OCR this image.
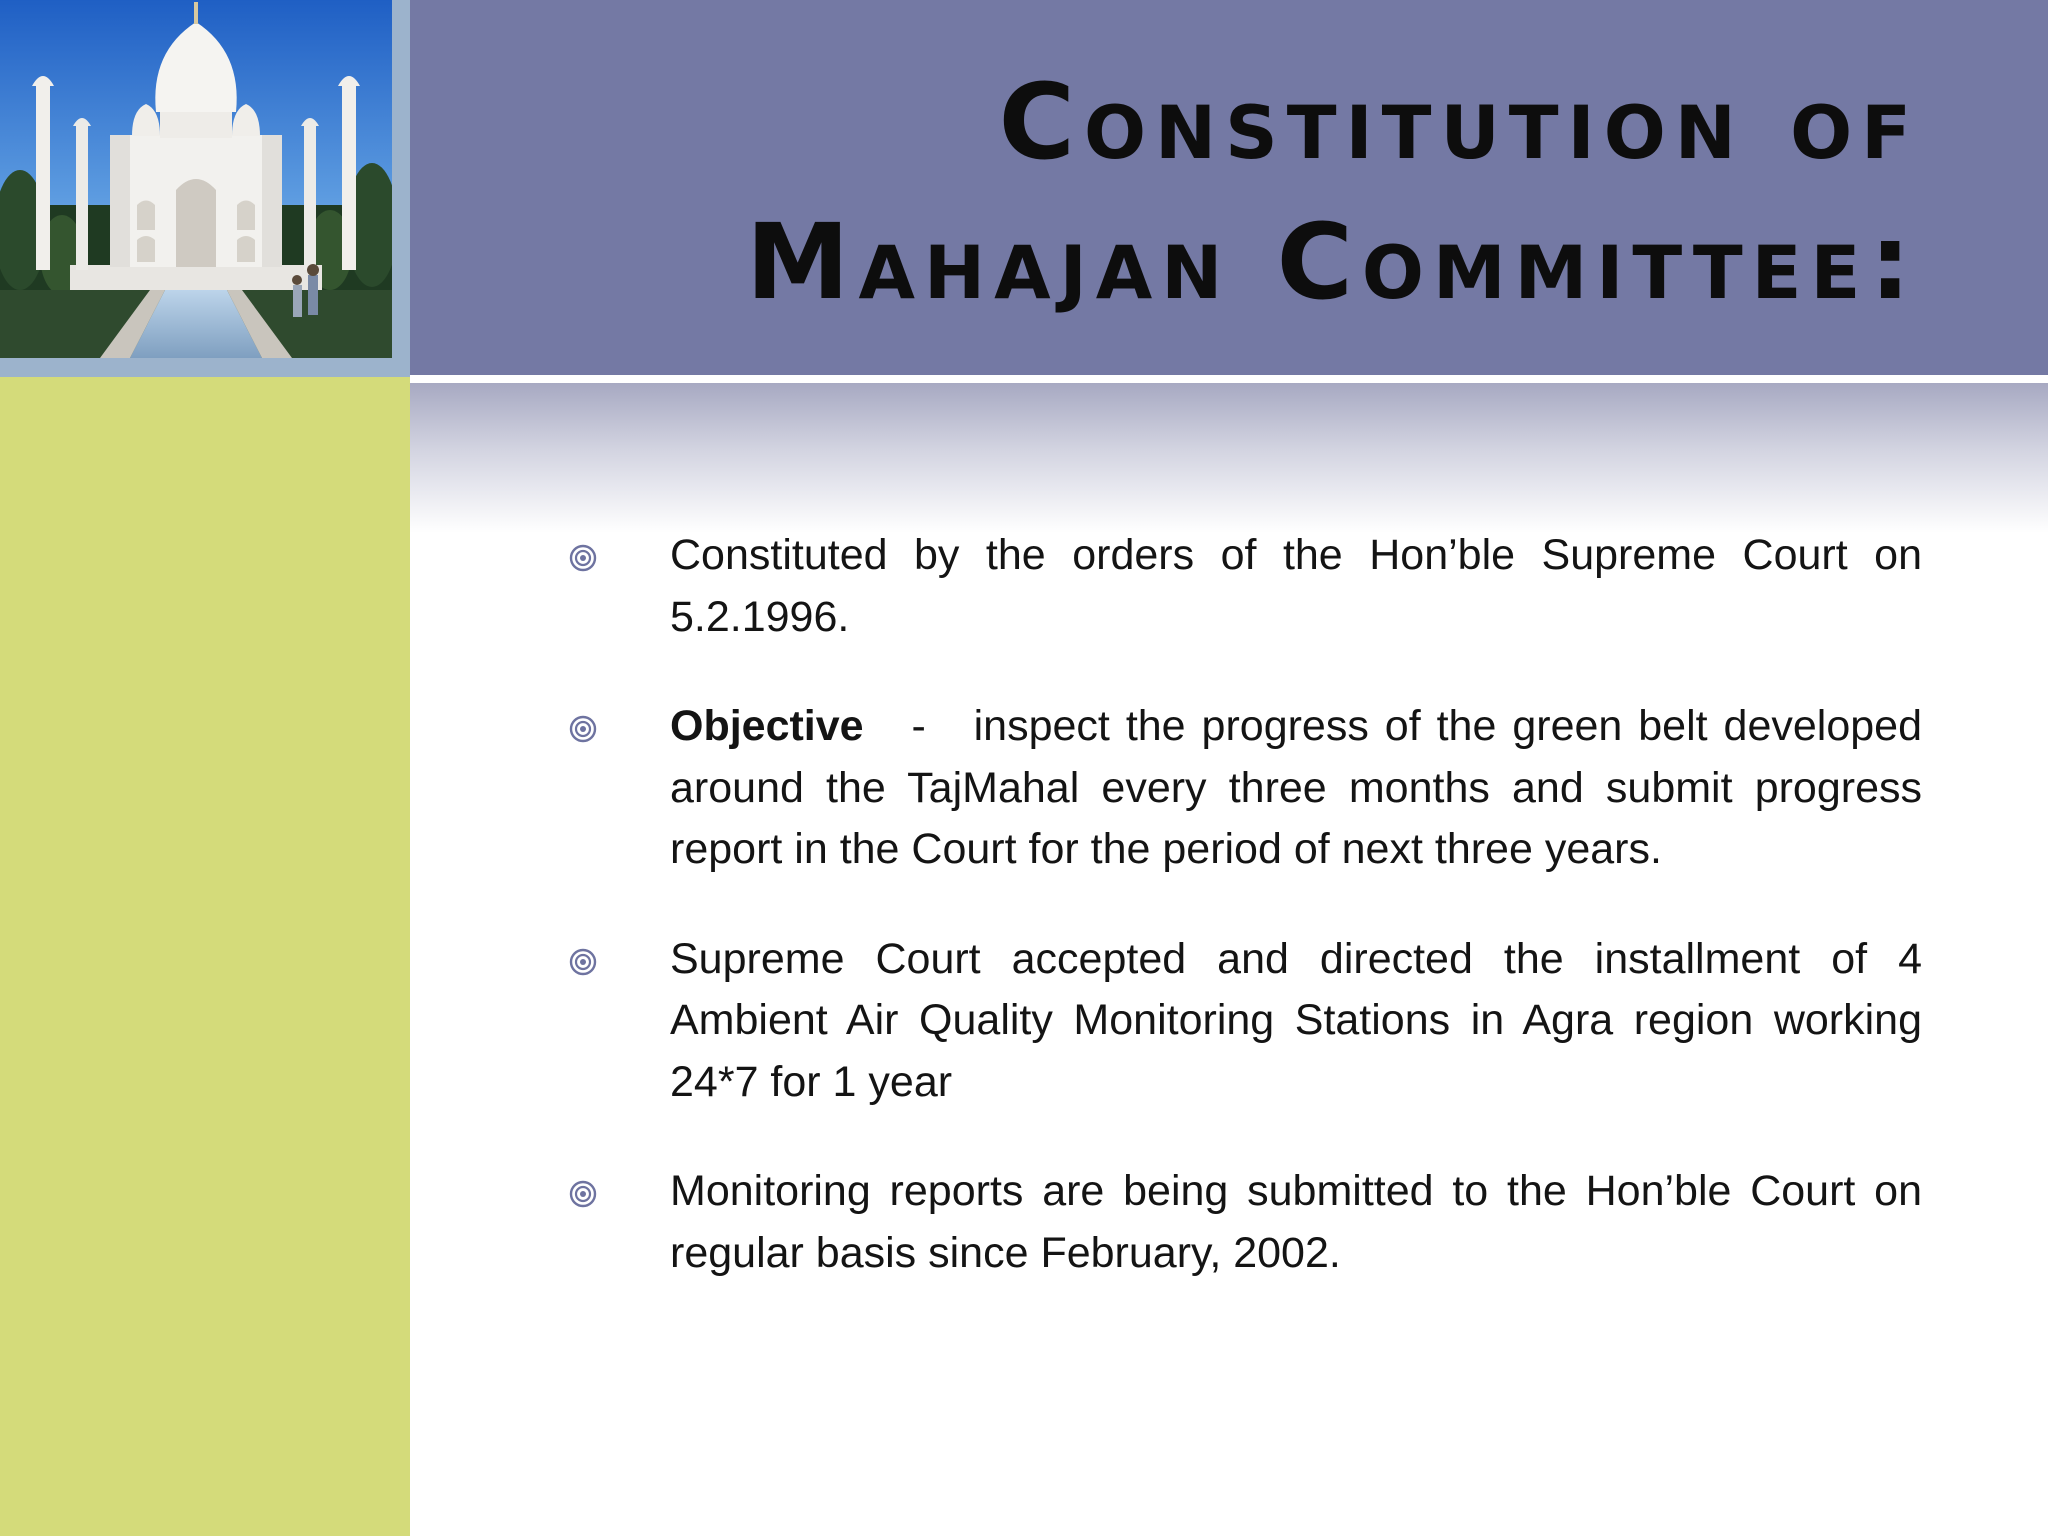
Constitution of
Mahajan Committee:
Constituted by the orders of the Hon’ble Supreme Court on 5.2.1996.
Objective   -   inspect the progress of the green belt developed around the TajMahal every three months and submit progress report in the Court for the period of next three years.
Supreme Court accepted and directed the installment of 4 Ambient Air Quality Monitoring Stations in Agra region working 24*7 for 1 year
Monitoring reports are being submitted to the Hon’ble Court on regular basis since February, 2002.
